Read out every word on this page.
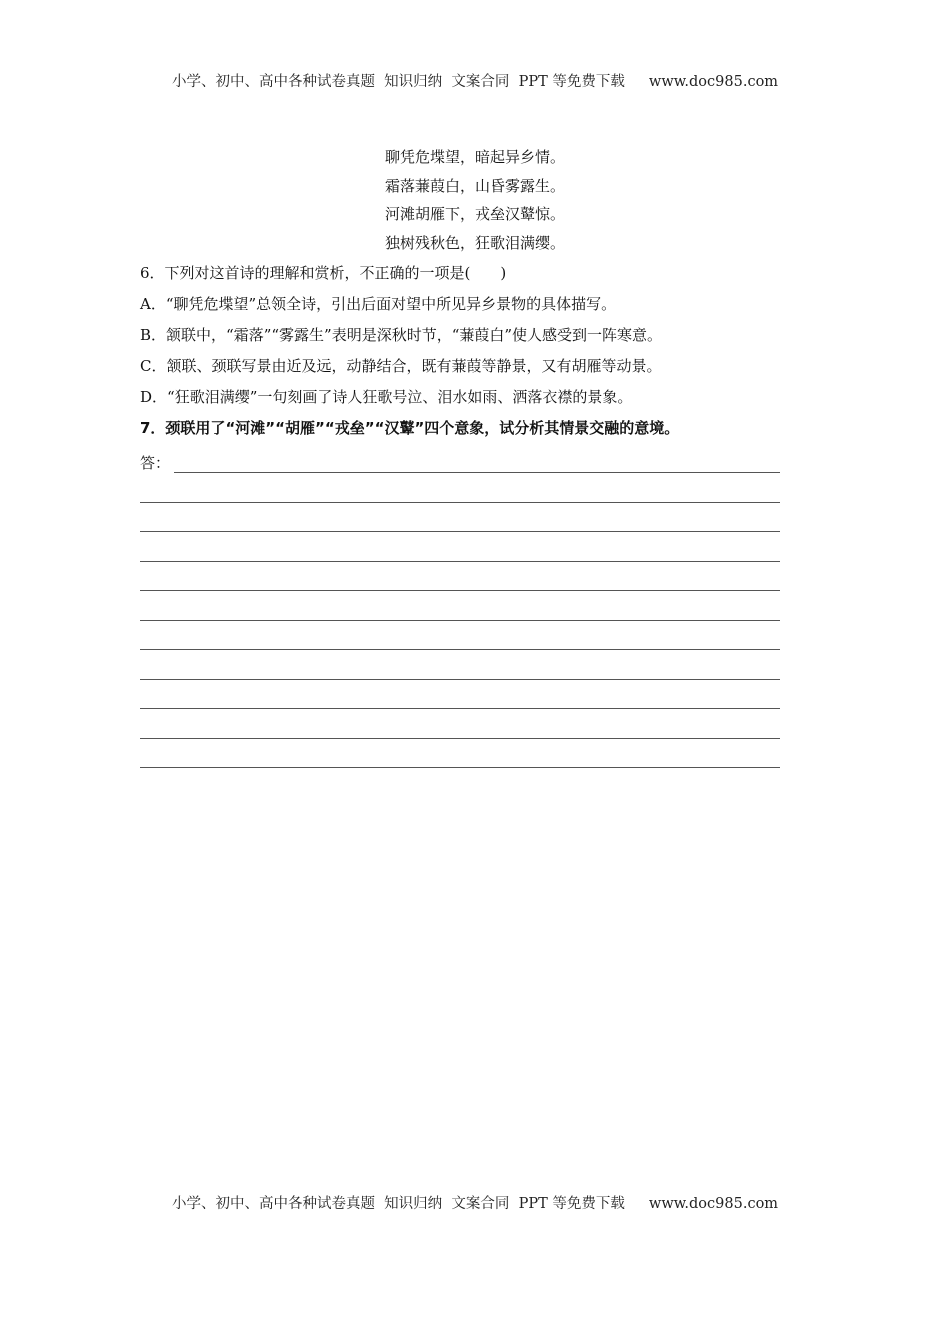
小学、初中、高中各种试卷真题  知识归纳  文案合同  PPT 等免费下载 www.doc985.com
聊凭危堞望，暗起异乡情。
霜落蒹葭白，山昏雾露生。
河滩胡雁下，戎垒汉鼙惊。
独树残秋色，狂歌泪满缨。
6．下列对这首诗的理解和赏析，不正确的一项是(　　)
A．“聊凭危堞望”总领全诗，引出后面对望中所见异乡景物的具体描写。
B．颔联中，“霜落”“雾露生”表明是深秋时节，“蒹葭白”使人感受到一阵寒意。
C．颔联、颈联写景由近及远，动静结合，既有蒹葭等静景，又有胡雁等动景。
D．“狂歌泪满缨”一句刻画了诗人狂歌号泣、泪水如雨、洒落衣襟的景象。
7．颈联用了“河滩”“胡雁”“戎垒”“汉鼙”四个意象，试分析其情景交融的意境。
答：
小学、初中、高中各种试卷真题  知识归纳  文案合同  PPT 等免费下载 www.doc985.com
